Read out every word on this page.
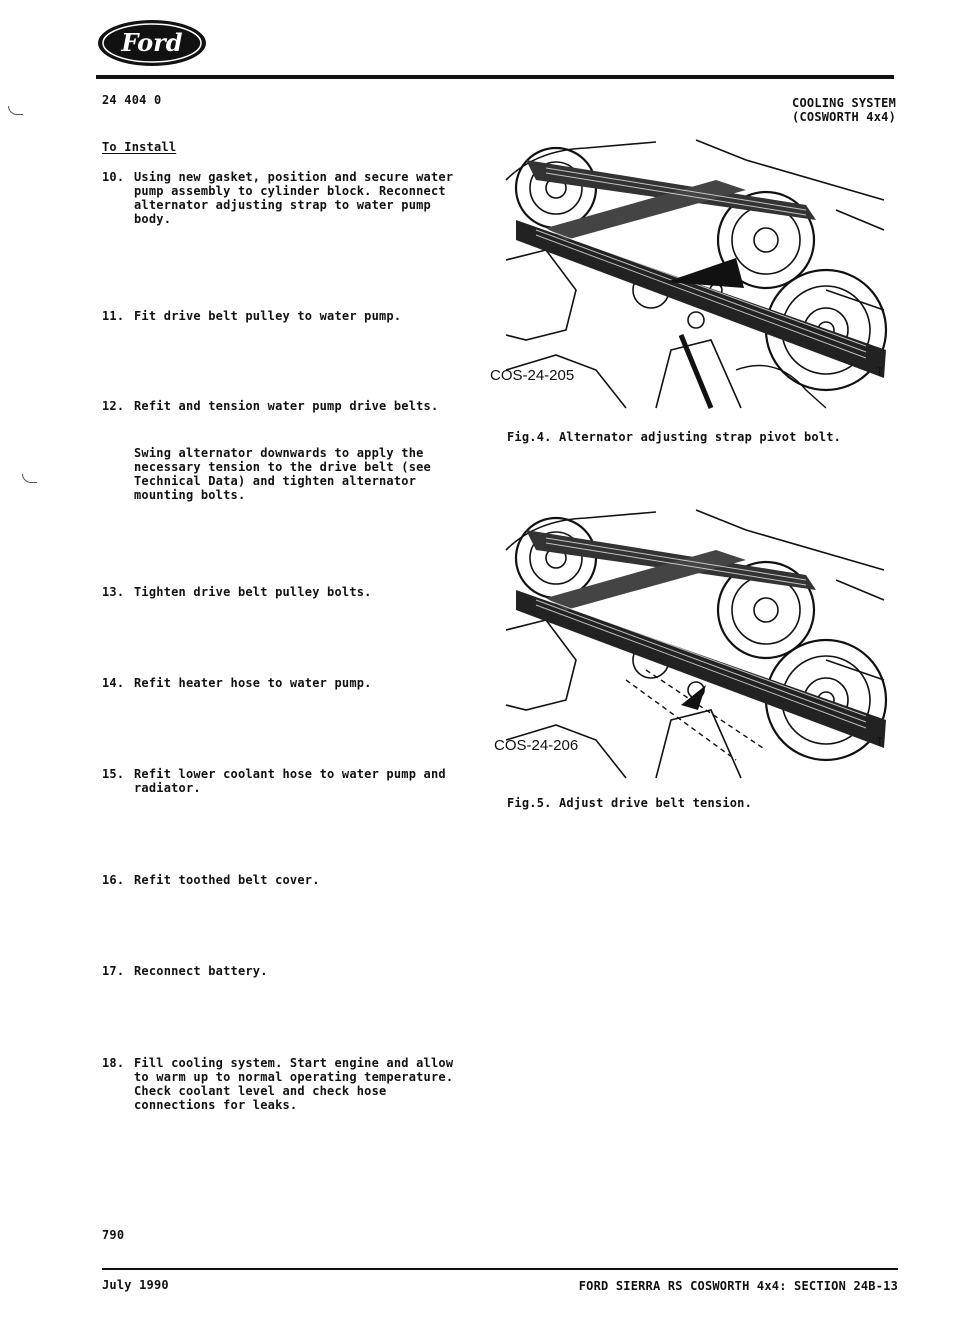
Ford
24 404 0	COOLING SYSTEM
(COSWORTH 4x4)
To Install
10. Using new gasket, position and secure water
pump assembly to cylinder block. Reconnect
alternator adjusting strap to water pump
body.
11. Fit drive belt pulley to water pump.
12. Refit and tension water pump drive belts.
Swing alternator downwards to apply the
necessary tension to the drive belt (see
Technical Data) and tighten alternator
mounting bolts.
13. Tighten drive belt pulley bolts.
14. Refit heater hose to water pump.
15. Refit lower coolant hose to water pump and
radiator.
16. Refit toothed belt cover.
17. Reconnect battery.
18. Fill cooling system. Start engine and allow
to warm up to normal operating temperature.
Check coolant level and check hose
connections for leaks.
COS-24-205	T
Fig.4. Alternator adjusting strap pivot bolt.
COS-24-206	T
Fig.5. Adjust drive belt tension.
790
July 1990	FORD SIERRA RS COSWORTH 4x4: SECTION 24B-13
